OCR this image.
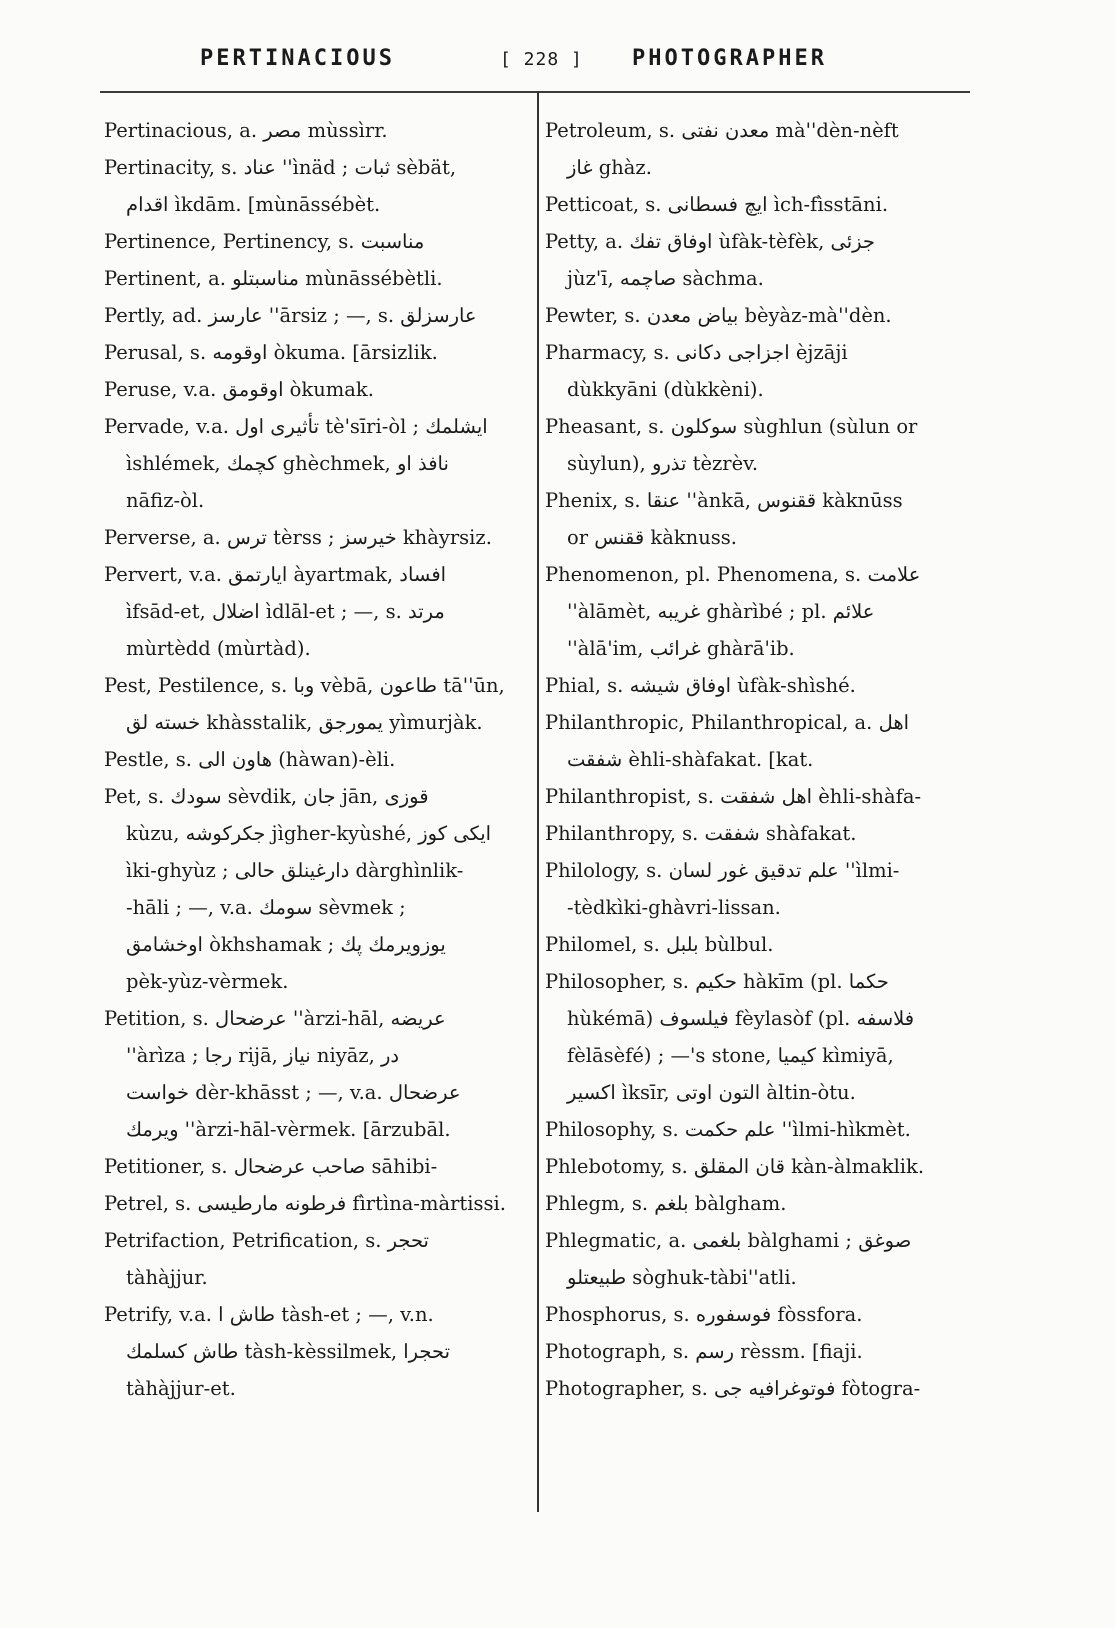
PERTINACIOUS	[ 228 ] PHOTOGRAPHER
Pertinacious, a. مصر mùssìrr.
Pertinacity, s. عناد ''ìnäd ; ثبات sèbät,
اقدام ìkdām. [mùnāssébèt.
Pertinence, Pertinency, s. مناسبت
Pertinent, a. مناسبتلو mùnāssébètli.
Pertly, ad. عارسز ''ārsiz ; —, s. عارسزلق
Perusal, s. اوقومه òkuma. [ārsizlik.
Peruse, v.a. اوقومق òkumak.
Pervade, v.a. تأثیری اول tè'sīri-òl ; ایشلمك
ìshlémek, كچمك ghèchmek, نافذ او
nāfiz-òl.
Perverse, a. ترس tèrss ; خیرسز khàyrsiz.
Pervert, v.a. ایارتمق àyartmak, افساد
ìfsād-et, اضلال ìdlāl-et ; —, s. مرتد
mùrtèdd (mùrtàd).
Pest, Pestilence, s. وبا vèbā, طاعون tā''ūn,
خسته لق khàsstalik, یمورجق yìmurjàk.
Pestle, s. هاون الی (hàwan)-èli.
Pet, s. سودك sèvdik, جان jān, قوزی
kùzu, جكركوشه jìgher-kyùshé, ایكی كوز
ìki-ghyùz ; دارغینلق حالی dàrghìnlik-
-hāli ; —, v.a. سومك sèvmek ;
اوخشامق òkhshamak ; یوزویرمك پك
pèk-yùz-vèrmek.
Petition, s. عرضحال ''àrzi-hāl, عریضه
''àrìza ; رجا rijā, نیاز niyāz, در
خواست dèr-khāsst ; —, v.a. عرضحال
ویرمك ''àrzi-hāl-vèrmek. [ārzubāl.
Petitioner, s. صاحب عرضحال sāhibi-
Petrel, s. فرطونه مارطیسی fìrtìna-màrtissi.
Petrifaction, Petrification, s. تحجر
tàhàjjur.
Petrify, v.a. طاش ا tàsh-et ; —, v.n.
طاش كسلمك tàsh-kèssilmek, تحجرا
tàhàjjur-et.
Petroleum, s. معدن نفتی mà''dèn-nèft
غاز ghàz.
Petticoat, s. ایچ فسطانی ìch-fìsstāni.
Petty, a. اوفاق تفك ùfàk-tèfèk, جزئی
jùz'ī, صاچمه sàchma.
Pewter, s. بیاض معدن bèyàz-mà''dèn.
Pharmacy, s. اجزاجی دكانی èjzāji
dùkkyāni (dùkkèni).
Pheasant, s. سوكلون sùghlun (sùlun or
sùylun), تذرو tèzrèv.
Phenix, s. عنقا ''ànkā, ققنوس kàknūss
or ققنس kàknuss.
Phenomenon, pl. Phenomena, s. علامت
''àlāmèt, غریبه ghàrìbé ; pl. علائم
''àlā'im, غرائب ghàrā'ib.
Phial, s. اوفاق شیشه ùfàk-shìshé.
Philanthropic, Philanthropical, a. اهل
شفقت èhli-shàfakat. [kat.
Philanthropist, s. اهل شفقت èhli-shàfa-
Philanthropy, s. شفقت shàfakat.
Philology, s. علم تدقیق غور لسان ''ìlmi-
-tèdkìki-ghàvri-lissan.
Philomel, s. بلبل bùlbul.
Philosopher, s. حكیم hàkīm (pl. حكما
hùkémā) فیلسوف fèylasòf (pl. فلاسفه
fèlāsèfé) ; —'s stone, كیمیا kìmiyā,
اكسیر ìksīr, التون اوتی àltin-òtu.
Philosophy, s. علم حكمت ''ìlmi-hìkmèt.
Phlebotomy, s. قان المقلق kàn-àlmaklik.
Phlegm, s. بلغم bàlgham.
Phlegmatic, a. بلغمی bàlghami ; صوغق
طبیعتلو sòghuk-tàbi''atli.
Phosphorus, s. فوسفوره fòssfora.
Photograph, s. رسم rèssm. [fiaji.
Photographer, s. فوتوغرافیه جی fòtogra-
